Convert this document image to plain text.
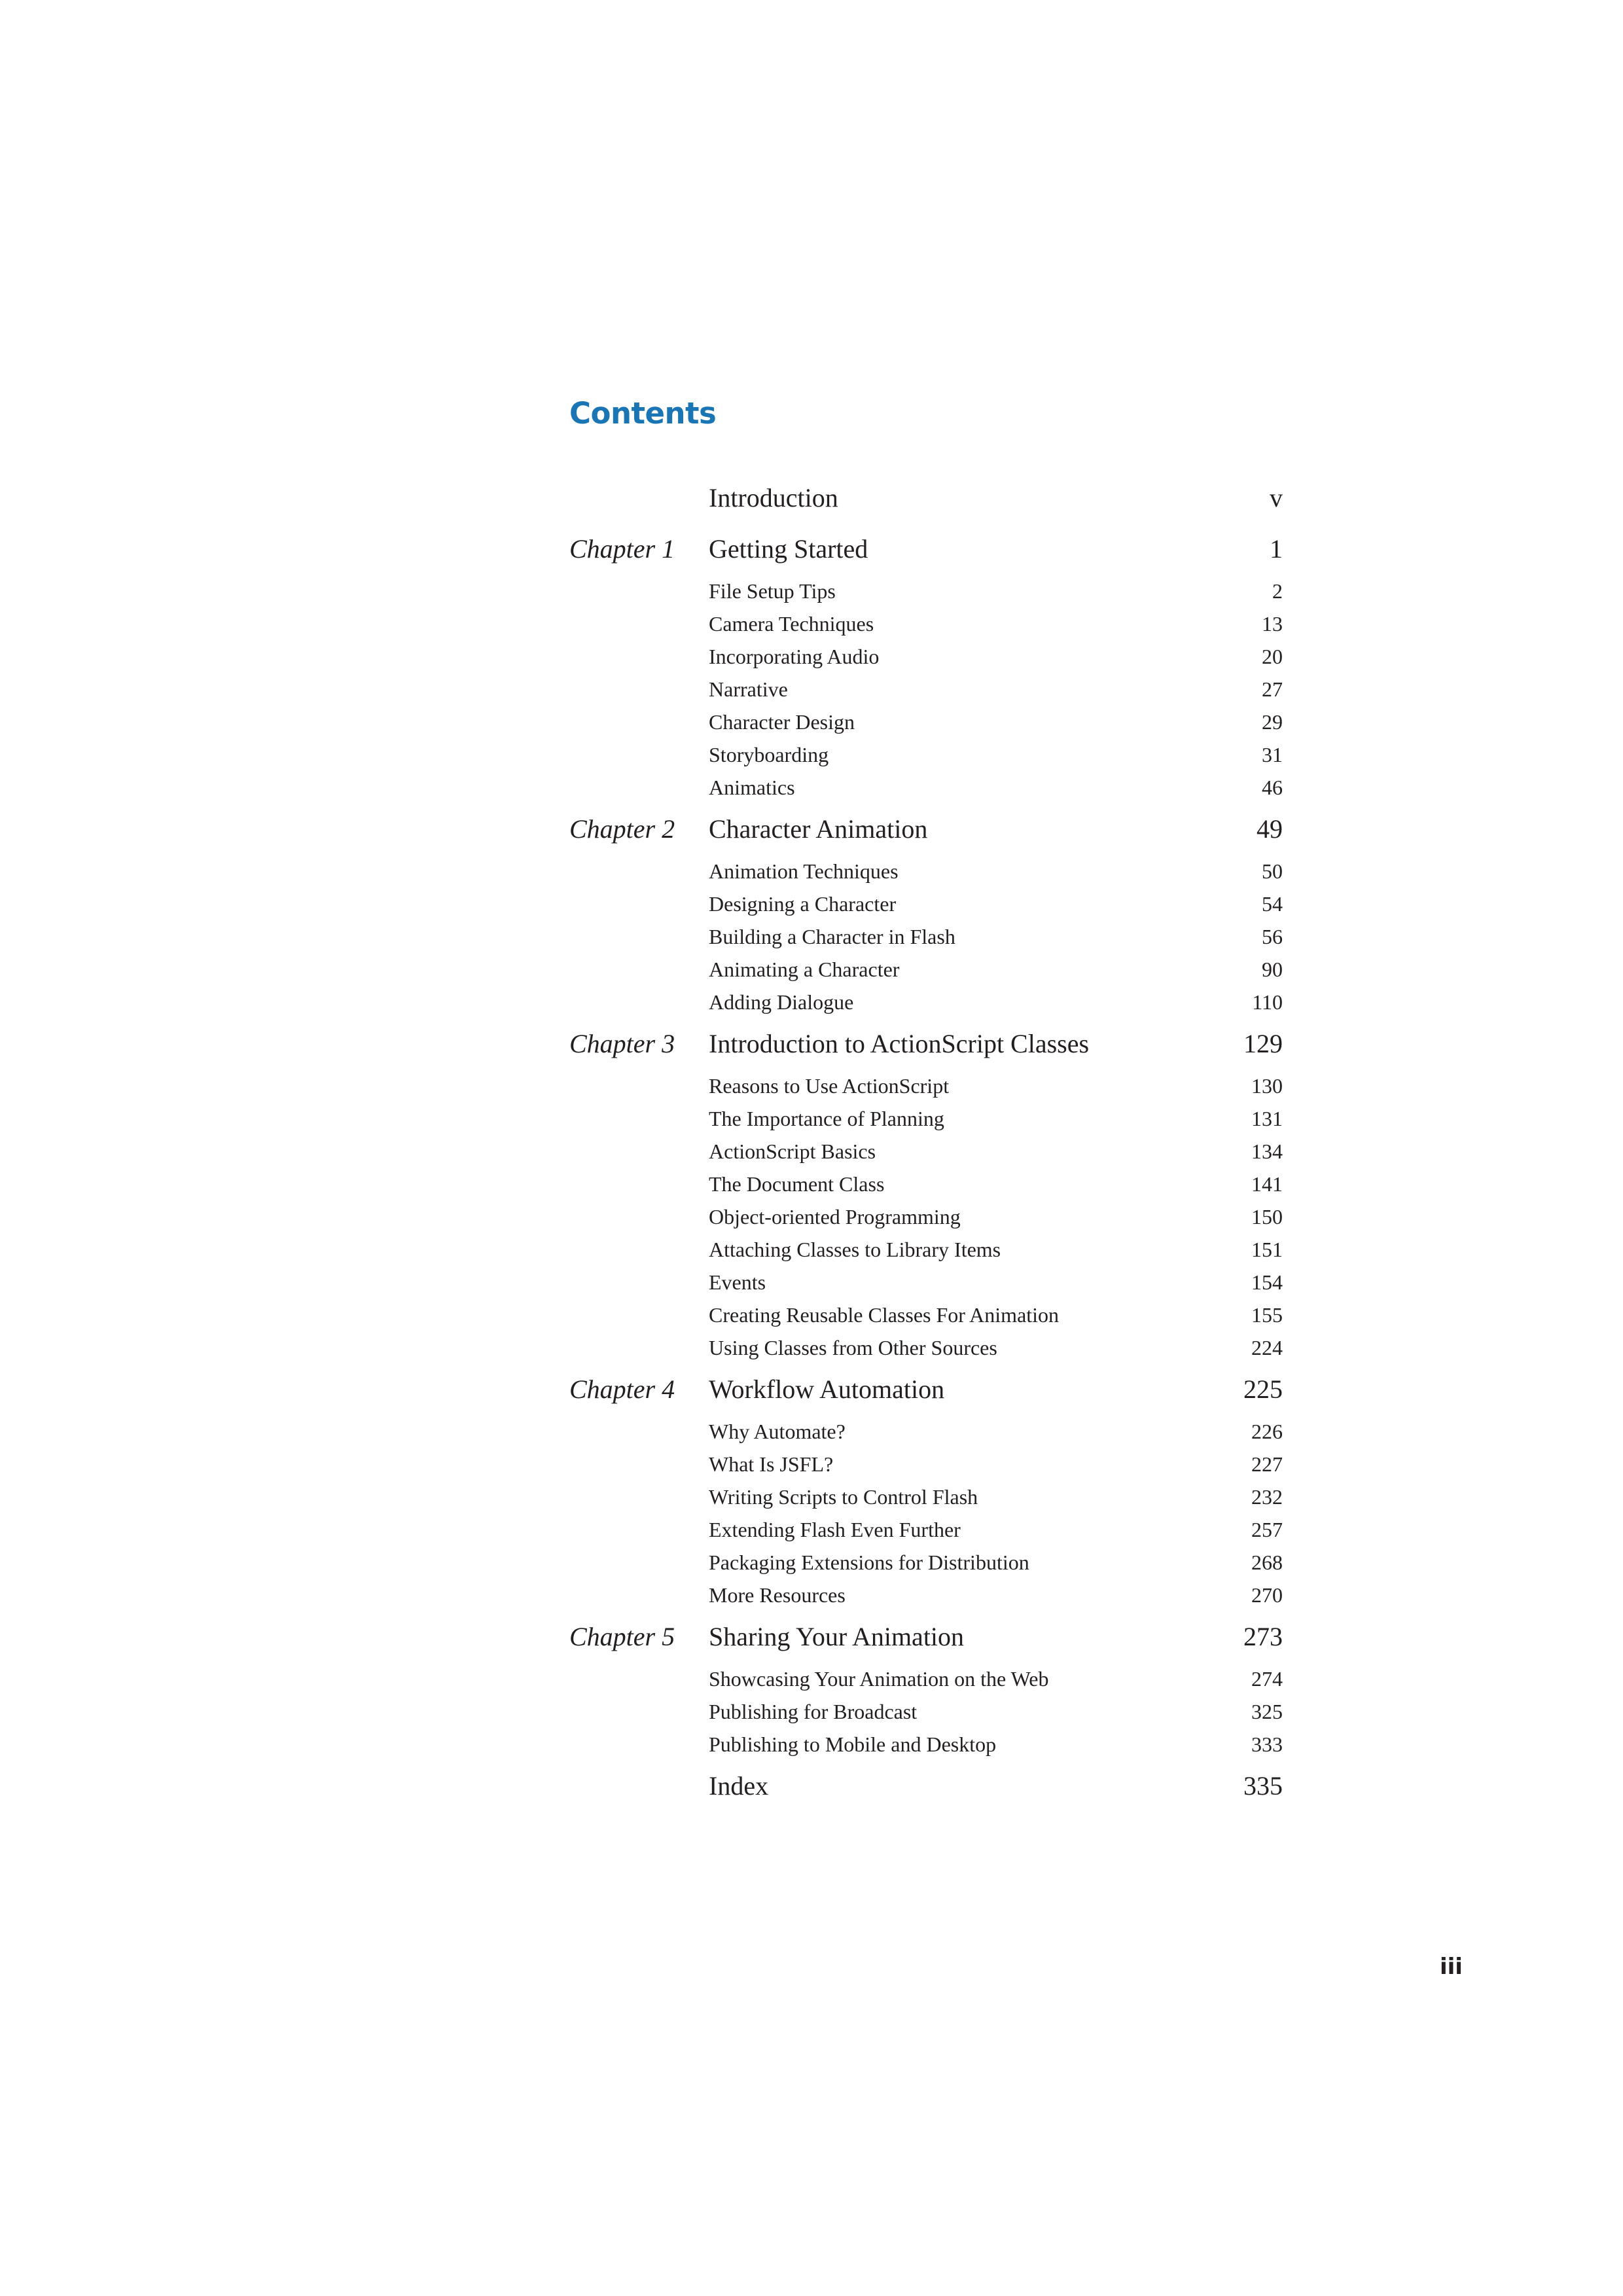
Contents
Introduction	v
Chapter 1	Getting Started	1
File Setup Tips	2
Camera Techniques	13
Incorporating Audio	20
Narrative	27
Character Design	29
Storyboarding	31
Animatics	46
Chapter 2	Character Animation	49
Animation Techniques	50
Designing a Character	54
Building a Character in Flash	56
Animating a Character	90
Adding Dialogue	110
Chapter 3	Introduction to ActionScript Classes	129
Reasons to Use ActionScript	130
The Importance of Planning	131
ActionScript Basics	134
The Document Class	141
Object-oriented Programming	150
Attaching Classes to Library Items	151
Events	154
Creating Reusable Classes For Animation	155
Using Classes from Other Sources	224
Chapter 4	Workflow Automation	225
Why Automate?	226
What Is JSFL?	227
Writing Scripts to Control Flash	232
Extending Flash Even Further	257
Packaging Extensions for Distribution	268
More Resources	270
Chapter 5	Sharing Your Animation	273
Showcasing Your Animation on the Web	274
Publishing for Broadcast	325
Publishing to Mobile and Desktop	333
Index	335
iii
